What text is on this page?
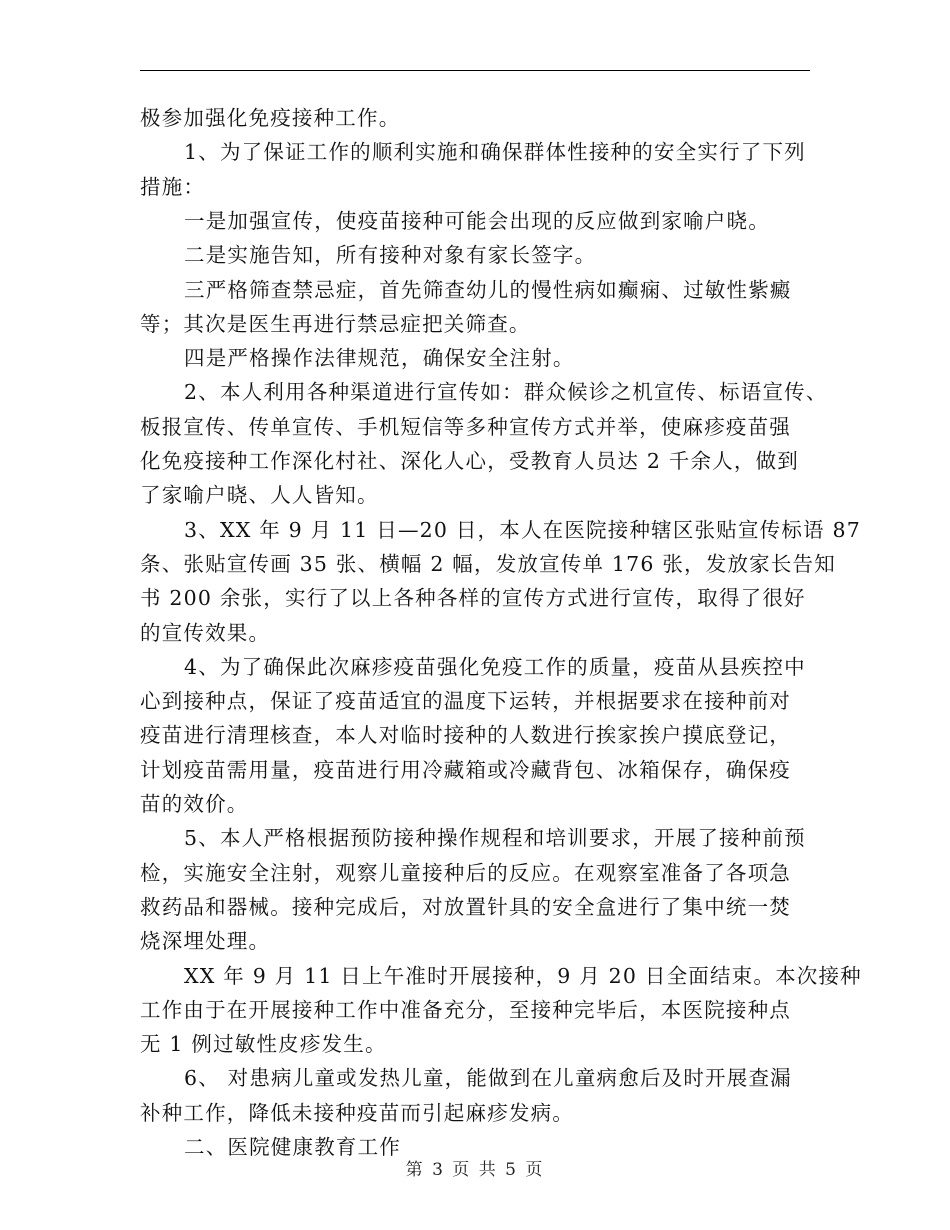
极参加强化免疫接种工作。
1、为了保证工作的顺利实施和确保群体性接种的安全实行了下列
措施：
一是加强宣传，使疫苗接种可能会出现的反应做到家喻户晓。
二是实施告知，所有接种对象有家长签字。
三严格筛查禁忌症，首先筛查幼儿的慢性病如癫痫、过敏性紫癜
等；其次是医生再进行禁忌症把关筛查。
四是严格操作法律规范，确保安全注射。
2、本人利用各种渠道进行宣传如：群众候诊之机宣传、标语宣传、
板报宣传、传单宣传、手机短信等多种宣传方式并举，使麻疹疫苗强
化免疫接种工作深化村社、深化人心，受教育人员达 2 千余人，做到
了家喻户晓、人人皆知。
3、XX 年 9 月 11 日—20 日，本人在医院接种辖区张贴宣传标语 87
条、张贴宣传画 35 张、横幅 2 幅，发放宣传单 176 张，发放家长告知
书 200 余张，实行了以上各种各样的宣传方式进行宣传，取得了很好
的宣传效果。
4、为了确保此次麻疹疫苗强化免疫工作的质量，疫苗从县疾控中
心到接种点，保证了疫苗适宜的温度下运转，并根据要求在接种前对
疫苗进行清理核查，本人对临时接种的人数进行挨家挨户摸底登记，
计划疫苗需用量，疫苗进行用冷藏箱或冷藏背包、冰箱保存，确保疫
苗的效价。
5、本人严格根据预防接种操作规程和培训要求，开展了接种前预
检，实施安全注射，观察儿童接种后的反应。在观察室准备了各项急
救药品和器械。接种完成后，对放置针具的安全盒进行了集中统一焚
烧深埋处理。
XX 年 9 月 11 日上午准时开展接种，9 月 20 日全面结束。本次接种
工作由于在开展接种工作中准备充分，至接种完毕后，本医院接种点
无 1 例过敏性皮疹发生。
6、 对患病儿童或发热儿童，能做到在儿童病愈后及时开展查漏
补种工作，降低未接种疫苗而引起麻疹发病。
二、医院健康教育工作
第 3 页 共 5 页
